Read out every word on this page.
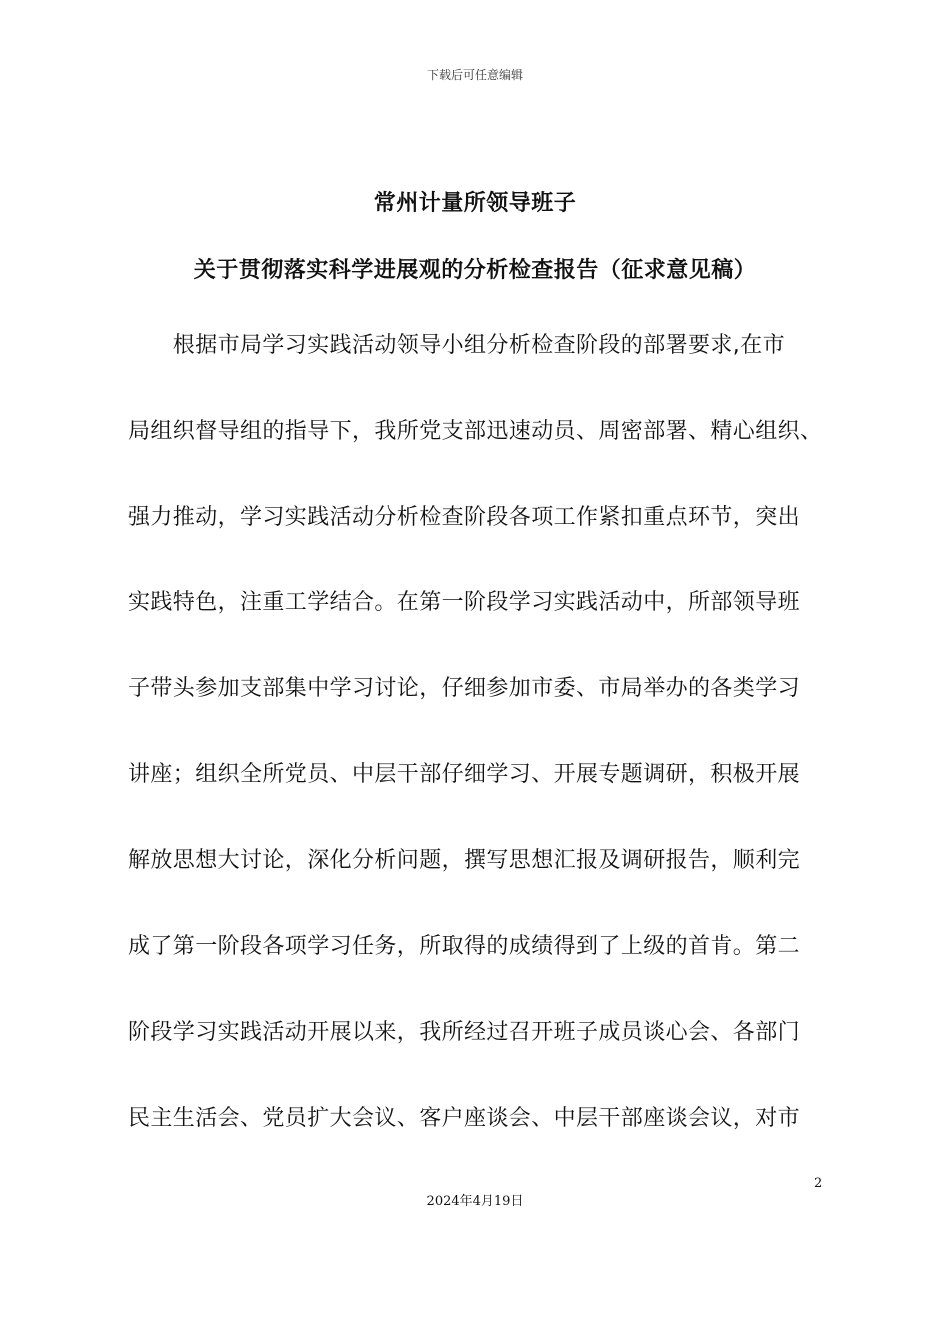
下载后可任意编辑
常州计量所领导班子
关于贯彻落实科学进展观的分析检查报告（征求意见稿）
　　根据市局学习实践活动领导小组分析检查阶段的部署要求,在市
局组织督导组的指导下，我所党支部迅速动员、周密部署、精心组织、
强力推动，学习实践活动分析检查阶段各项工作紧扣重点环节，突出
实践特色，注重工学结合。在第一阶段学习实践活动中，所部领导班
子带头参加支部集中学习讨论，仔细参加市委、市局举办的各类学习
讲座；组织全所党员、中层干部仔细学习、开展专题调研，积极开展
解放思想大讨论，深化分析问题，撰写思想汇报及调研报告，顺利完
成了第一阶段各项学习任务，所取得的成绩得到了上级的首肯。第二
阶段学习实践活动开展以来，我所经过召开班子成员谈心会、各部门
民主生活会、党员扩大会议、客户座谈会、中层干部座谈会议，对市
2
2024年4月19日
